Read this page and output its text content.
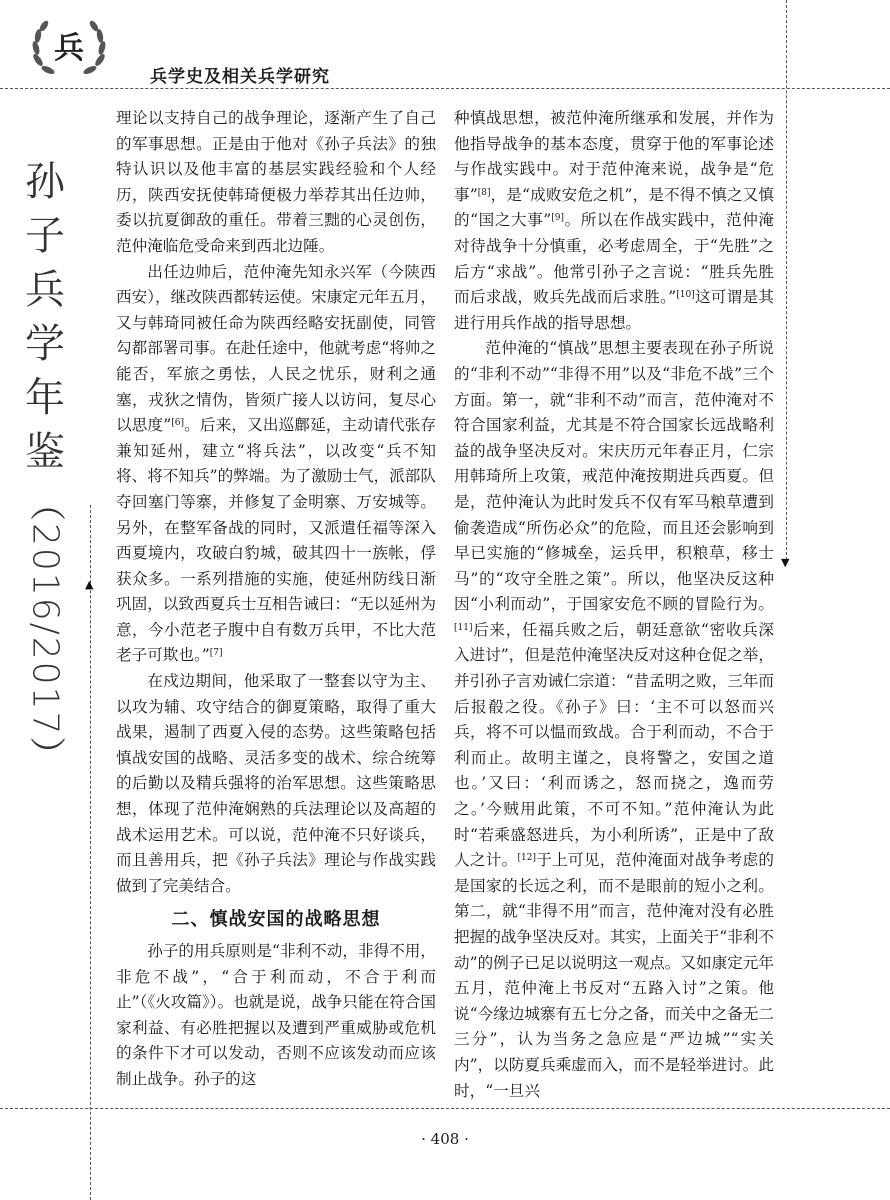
兵
兵学史及相关兵学研究
孙
子
兵
学
年
鉴
（2016/2017）	▲
▼

理论以支持自己的战争理论，逐渐产生了自己的军事思想。正是由于他对《孙子兵法》的独特认识以及他丰富的基层实践经验和个人经历，陕西安抚使韩琦便极力举荐其出任边帅，委以抗夏御敌的重任。带着三黜的心灵创伤，范仲淹临危受命来到西北边陲。

出任边帅后，范仲淹先知永兴军（今陕西西安），继改陕西都转运使。宋康定元年五月，又与韩琦同被任命为陕西经略安抚副使，同管勾都部署司事。在赴任途中，他就考虑“将帅之能否，军旅之勇怯，人民之忧乐，财利之通塞，戎狄之情伪，皆须广接人以访问，复尽心以思度”[6]。后来，又出巡鄜延，主动请代张存兼知延州，建立“将兵法”，以改变“兵不知将、将不知兵”的弊端。为了激励士气，派部队夺回塞门等寨，并修复了金明寨、万安城等。另外，在整军备战的同时，又派遣任福等深入西夏境内，攻破白豹城，破其四十一族帐，俘获众多。一系列措施的实施，使延州防线日渐巩固，以致西夏兵士互相告诫曰：“无以延州为意，今小范老子腹中自有数万兵甲，不比大范老子可欺也。”[7]

在戍边期间，他采取了一整套以守为主、以攻为辅、攻守结合的御夏策略，取得了重大战果，遏制了西夏入侵的态势。这些策略包括慎战安国的战略、灵活多变的战术、综合统筹的后勤以及精兵强将的治军思想。这些策略思想，体现了范仲淹娴熟的兵法理论以及高超的战术运用艺术。可以说，范仲淹不只好谈兵，而且善用兵，把《孙子兵法》理论与作战实践做到了完美结合。

二、慎战安国的战略思想

孙子的用兵原则是“非利不动，非得不用，非危不战”，“合于利而动，不合于利而止”（《火攻篇》）。也就是说，战争只能在符合国家利益、有必胜把握以及遭到严重威胁或危机的条件下才可以发动，否则不应该发动而应该制止战争。孙子的这

种慎战思想，被范仲淹所继承和发展，并作为他指导战争的基本态度，贯穿于他的军事论述与作战实践中。对于范仲淹来说，战争是“危事”[8]，是“成败安危之机”，是不得不慎之又慎的“国之大事”[9]。所以在作战实践中，范仲淹对待战争十分慎重，必考虑周全，于“先胜”之后方“求战”。他常引孙子之言说：“胜兵先胜而后求战，败兵先战而后求胜。”[10]这可谓是其进行用兵作战的指导思想。

范仲淹的“慎战”思想主要表现在孙子所说的“非利不动”“非得不用”以及“非危不战”三个方面。第一，就“非利不动”而言，范仲淹对不符合国家利益，尤其是不符合国家长远战略利益的战争坚决反对。宋庆历元年春正月，仁宗用韩琦所上攻策，戒范仲淹按期进兵西夏。但是，范仲淹认为此时发兵不仅有军马粮草遭到偷袭造成“所伤必众”的危险，而且还会影响到早已实施的“修城垒，运兵甲，积粮草，移士马”的“攻守全胜之策”。所以，他坚决反这种因“小利而动”，于国家安危不顾的冒险行为。[11]后来，任福兵败之后，朝廷意欲“密收兵深入进讨”，但是范仲淹坚决反对这种仓促之举，并引孙子言劝诫仁宗道：“昔孟明之败，三年而后报殽之役。《孙子》曰：‘主不可以怒而兴兵，将不可以愠而致战。合于利而动，不合于利而止。故明主谨之，良将警之，安国之道也。’又曰：‘利而诱之，怒而挠之，逸而劳之。’今贼用此策，不可不知。”范仲淹认为此时“若乘盛怒进兵，为小利所诱”，正是中了敌人之计。[12]于上可见，范仲淹面对战争考虑的是国家的长远之利，而不是眼前的短小之利。第二，就“非得不用”而言，范仲淹对没有必胜把握的战争坚决反对。其实，上面关于“非利不动”的例子已足以说明这一观点。又如康定元年五月，范仲淹上书反对“五路入讨”之策。他说“今缘边城寨有五七分之备，而关中之备无二三分”，认为当务之急应是“严边城”“实关内”，以防夏兵乘虚而入，而不是轻举进讨。此时，“一旦兴

· 408 ·
